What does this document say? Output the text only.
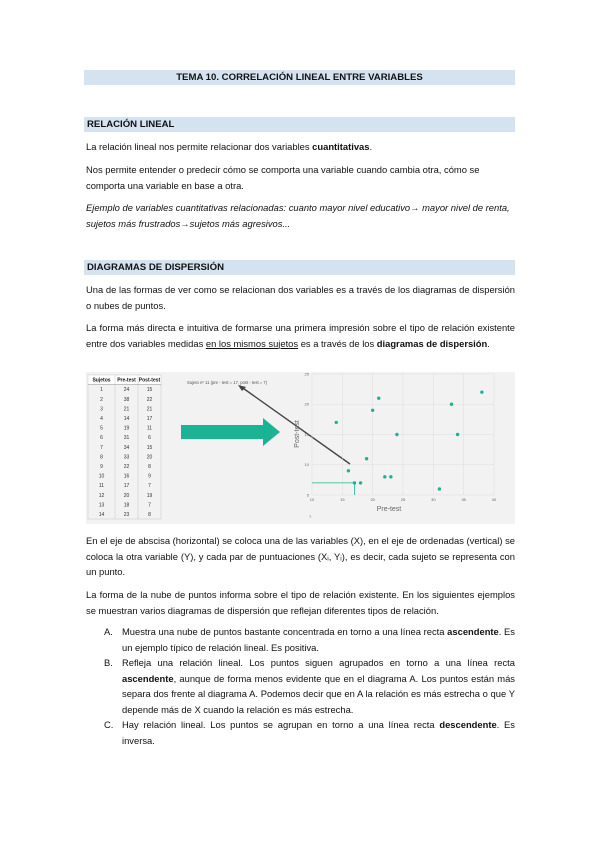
TEMA 10. CORRELACIÓN LINEAL ENTRE VARIABLES
RELACIÓN LINEAL
La relación lineal nos permite relacionar dos variables cuantitativas.
Nos permite entender o predecir cómo se comporta una variable cuando cambia otra, cómo se comporta una variable en base a otra.
Ejemplo de variables cuantitativas relacionadas: cuanto mayor nivel educativo→ mayor nivel de renta, sujetos más frustrados→sujetos más agresivos...
DIAGRAMAS DE DISPERSIÓN
Una de las formas de ver como se relacionan dos variables es a través de los diagramas de dispersión o nubes de puntos.
La forma más directa e intuitiva de formarse una primera impresión sobre el tipo de relación existente entre dos variables medidas en los mismos sujetos es a través de los diagramas de dispersión.
Sujetos Pre-test Post-test
1	24	15
2	38	22
3	21	21
4	14	17
5	19	11
6	31	6
7	34	15
8	33	20
9	22	8
10	16	9
11	17	7
12	20	19
13	18	7
14	23	8
Sujeto nº 11 (pre - test = 17, post - test = 7)
5
10
15
20
25
10	15	20	25	30	35	40
Pre-test
Post-test
?
En el eje de abscisa (horizontal) se coloca una de las variables (X), en el eje de ordenadas (vertical) se coloca la otra variable (Y), y cada par de puntuaciones (Xᵢ, Yᵢ), es decir, cada sujeto se representa con un punto.
La forma de la nube de puntos informa sobre el tipo de relación existente. En los siguientes ejemplos se muestran varios diagramas de dispersión que reflejan diferentes tipos de relación.
A. Muestra una nube de puntos bastante concentrada en torno a una línea recta ascendente. Es un ejemplo típico de relación lineal. Es positiva.
B. Refleja una relación lineal. Los puntos siguen agrupados en torno a una línea recta ascendente, aunque de forma menos evidente que en el diagrama A. Los puntos están más separa dos frente al diagrama A. Podemos decir que en A la relación es más estrecha o que Y depende más de X cuando la relación es más estrecha.
C. Hay relación lineal. Los puntos se agrupan en torno a una línea recta descendente. Es inversa.
